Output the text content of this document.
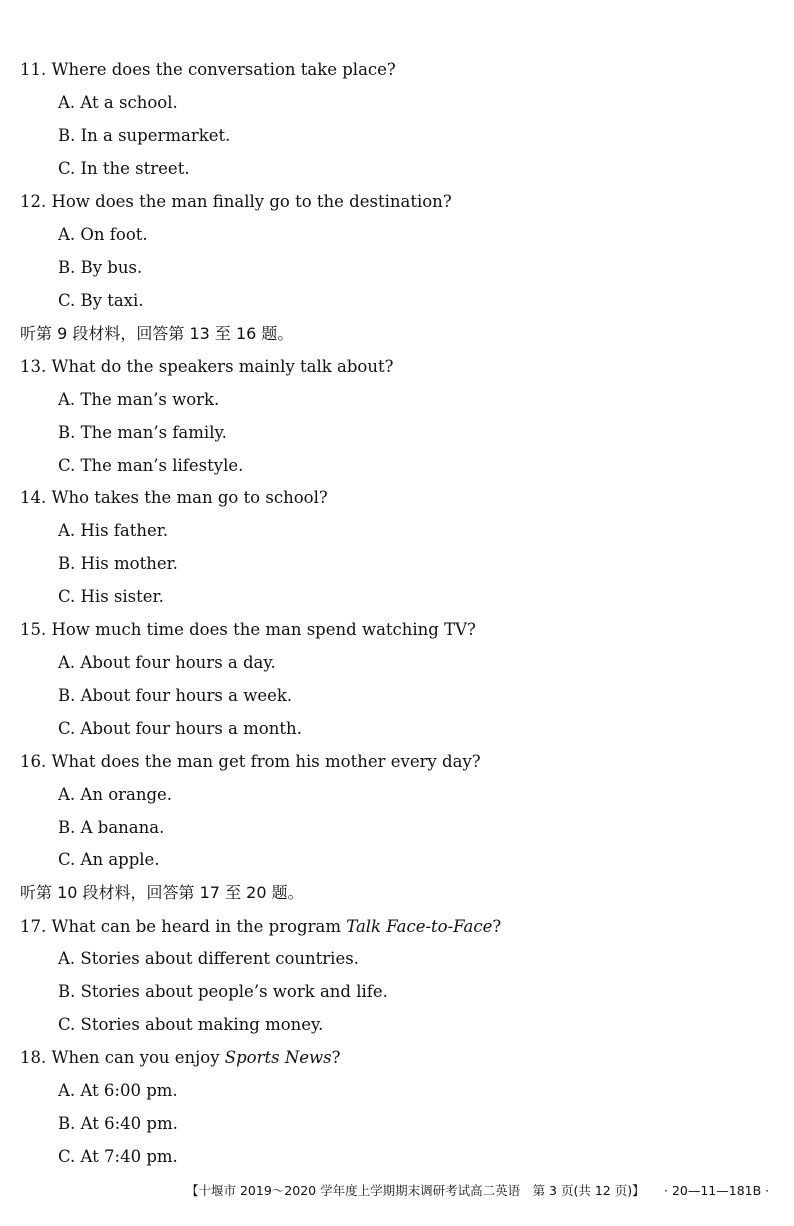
11. Where does the conversation take place?
A. At a school.
B. In a supermarket.
C. In the street.
12. How does the man finally go to the destination?
A. On foot.
B. By bus.
C. By taxi.
听第 9 段材料，回答第 13 至 16 题。
13. What do the speakers mainly talk about?
A. The man’s work.
B. The man’s family.
C. The man’s lifestyle.
14. Who takes the man go to school?
A. His father.
B. His mother.
C. His sister.
15. How much time does the man spend watching TV?
A. About four hours a day.
B. About four hours a week.
C. About four hours a month.
16. What does the man get from his mother every day?
A. An orange.
B. A banana.
C. An apple.
听第 10 段材料，回答第 17 至 20 题。
17. What can be heard in the program Talk Face-to-Face?
A. Stories about different countries.
B. Stories about people’s work and life.
C. Stories about making money.
18. When can you enjoy Sports News?
A. At 6:00 pm.
B. At 6:40 pm.
C. At 7:40 pm.
【十堰市 2019～2020 学年度上学期期末调研考试高二英语　第 3 页(共 12 页)】 · 20—11—181B ·
